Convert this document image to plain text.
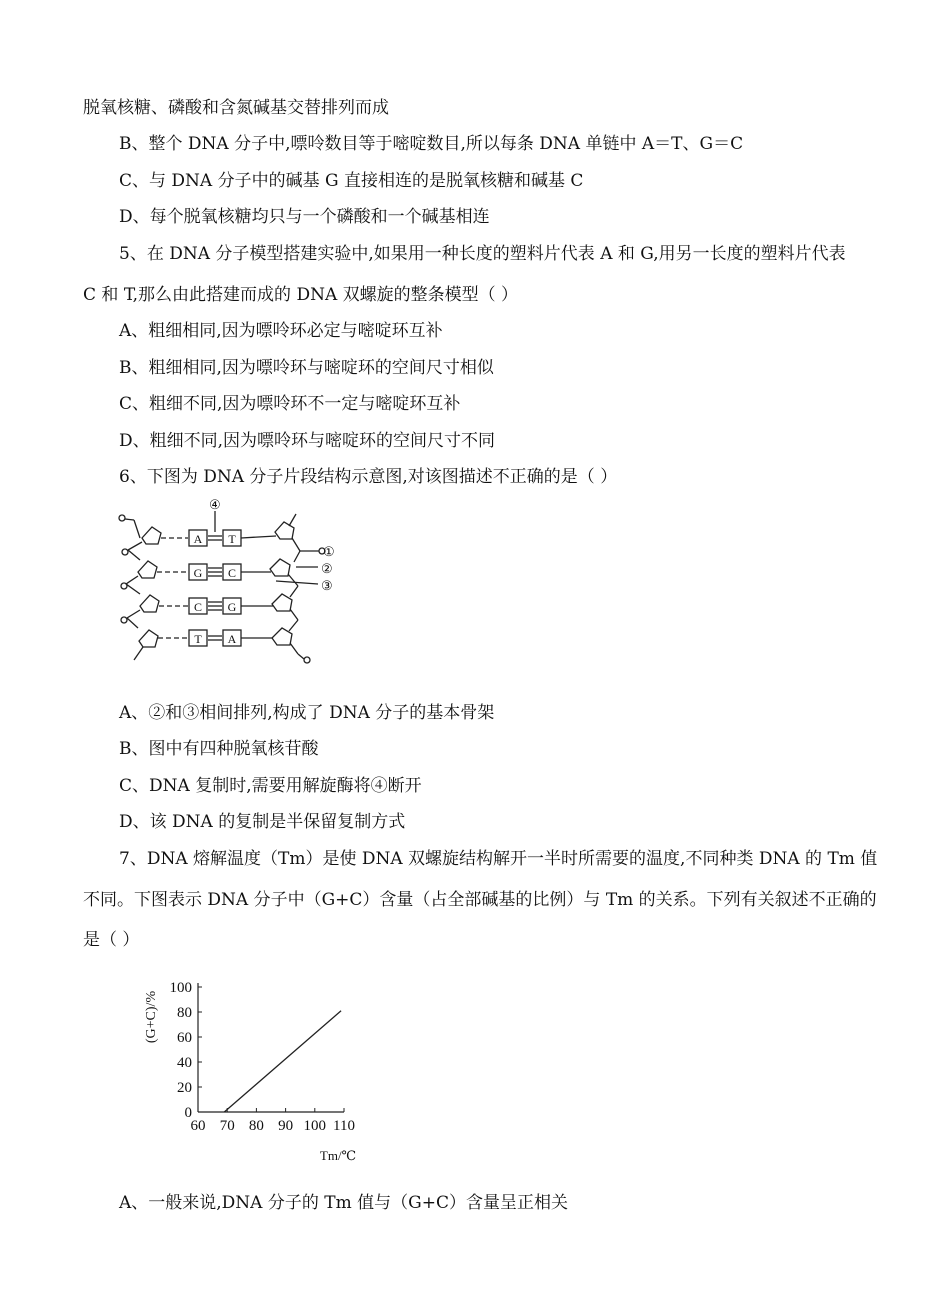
脱氧核糖、磷酸和含氮碱基交替排列而成
B、整个 DNA 分子中,嘌呤数目等于嘧啶数目,所以每条 DNA 单链中 A＝T、G＝C
C、与 DNA 分子中的碱基 G 直接相连的是脱氧核糖和碱基 C
D、每个脱氧核糖均只与一个磷酸和一个碱基相连
5、在 DNA 分子模型搭建实验中,如果用一种长度的塑料片代表 A 和 G,用另一长度的塑料片代表
C 和 T,那么由此搭建而成的 DNA 双螺旋的整条模型（ ）
A、粗细相同,因为嘌呤环必定与嘧啶环互补
B、粗细相同,因为嘌呤环与嘧啶环的空间尺寸相似
C、粗细不同,因为嘌呤环不一定与嘧啶环互补
D、粗细不同,因为嘌呤环与嘧啶环的空间尺寸不同
6、下图为 DNA 分子片段结构示意图,对该图描述不正确的是（ ）
A T
G C
C G
T A
④
①
②
③
A、②和③相间排列,构成了 DNA 分子的基本骨架
B、图中有四种脱氧核苷酸
C、DNA 复制时,需要用解旋酶将④断开
D、该 DNA 的复制是半保留复制方式
7、DNA 熔解温度（Tm）是使 DNA 双螺旋结构解开一半时所需要的温度,不同种类 DNA 的 Tm 值
不同。下图表示 DNA 分子中（G+C）含量（占全部碱基的比例）与 Tm 的关系。下列有关叙述不正确的
是（ ）
60 70 80 90 100 110
0
20
40
60
80
100
(G+C)/%
Tm/℃
A、一般来说,DNA 分子的 Tm 值与（G+C）含量呈正相关
